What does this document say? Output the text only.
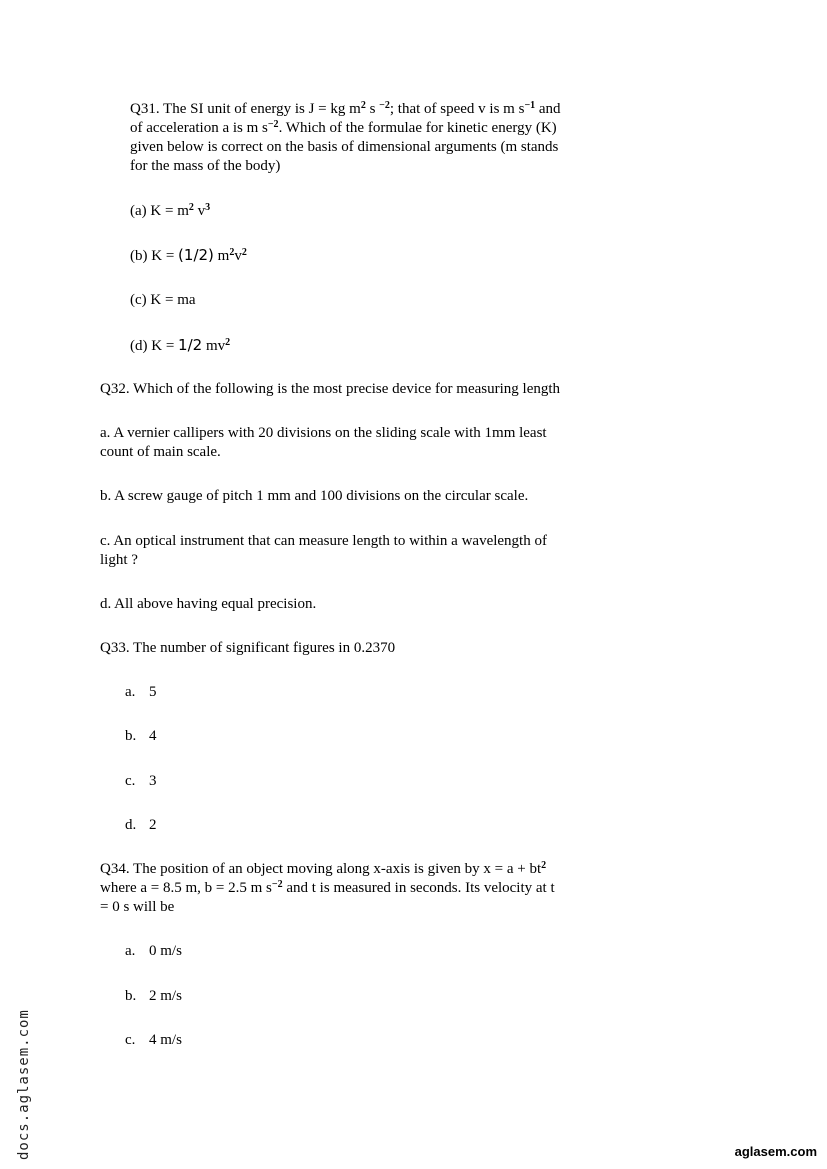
Q31. The SI unit of energy is J = kg $m^2$ s $^{-2}$; that of speed v is m $s^{-1}$ and
of acceleration a is m $s^{-2}$. Which of the formulae for kinetic energy (K)
given below is correct on the basis of dimensional arguments (m stands
for the mass of the body)

(a) $K = m^2$ $v^3$
(b) K = (1/2) $m^2v^2$
(c) K = ma
(d) K = 1/2 $mv^2$
Q32. Which of the following is the most precise device for measuring length
a. A vernier callipers with 20 divisions on the sliding scale with 1mm least
count of main scale.
b. A screw gauge of pitch 1 mm and 100 divisions on the circular scale.
c. An optical instrument that can measure length to within a wavelength of
light ?
d. All above having equal precision.
Q33. The number of significant figures in 0.2370
a. 5
b. 4
c. 3
d. 2
Q34. The position of an object moving along x-axis is given by $x = a + bt^2$
where a = 8.5 m, b = 2.5 m $s^{-2}$ and t is measured in seconds. Its velocity at t
= 0 s will be
a. 0 m/s
b. 2 m/s
c. 4 m/s
docs.aglasem.com	aglasem.com
